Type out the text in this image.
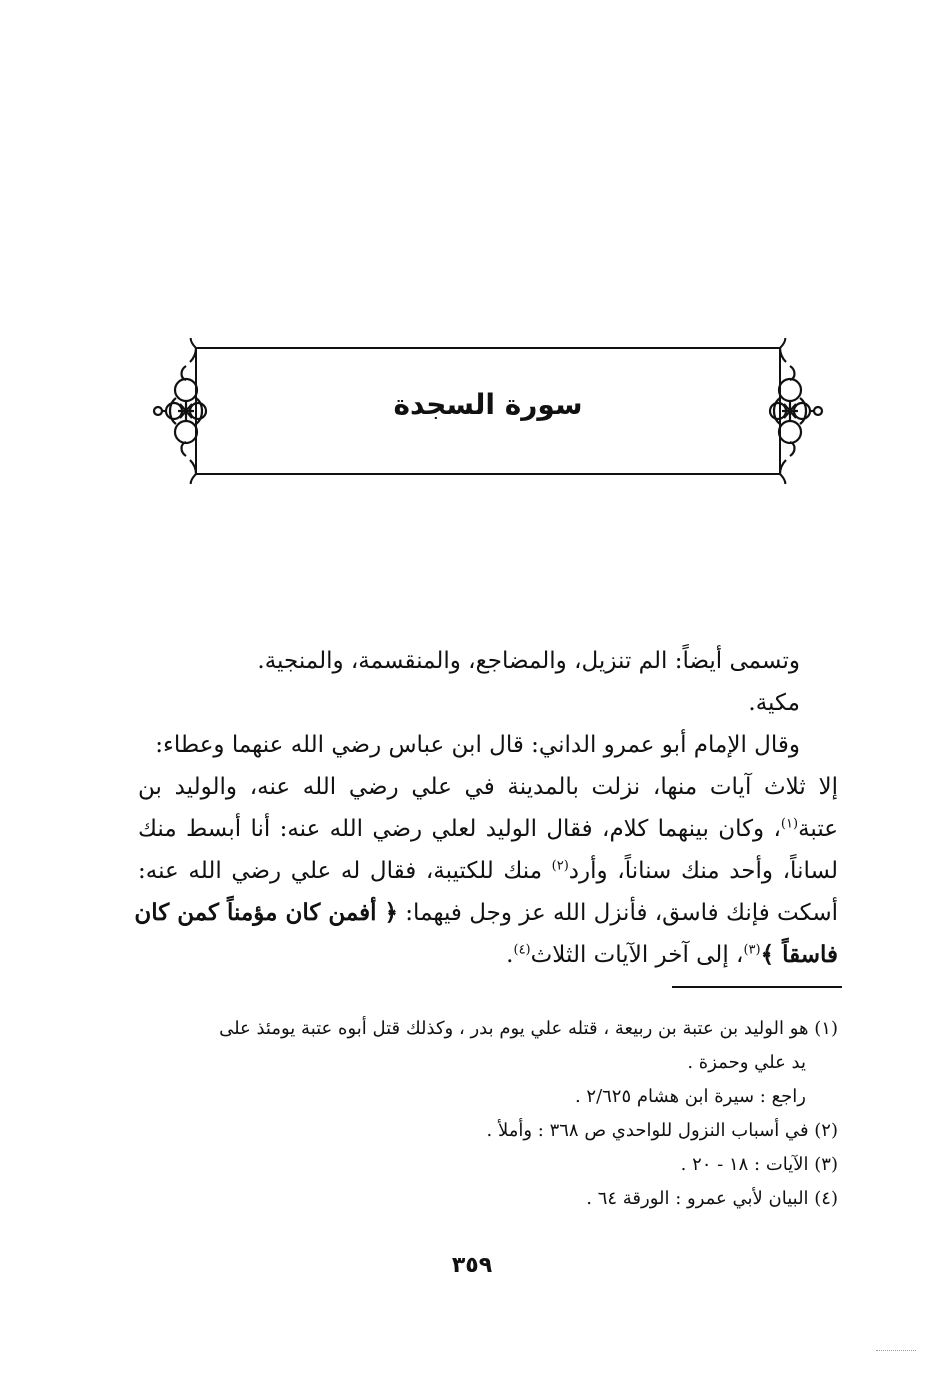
سورة السجدة
وتسمى أيضاً: الم تنزيل، والمضاجع، والمنقسمة، والمنجية.
مكية.
وقال الإمام أبو عمرو الداني: قال ابن عباس رضي الله عنهما وعطاء:
إلا ثلاث آيات منها، نزلت بالمدينة في علي رضي الله عنه، والوليد بن
عتبة$^{(١)}$، وكان بينهما كلام، فقال الوليد لعلي رضي الله عنه: أنا أبسط منك
لساناً، وأحد منك سناناً، وأرد$^{(٢)}$ منك للكتيبة، فقال له علي رضي الله عنه:
أسكت فإنك فاسق، فأنزل الله عز وجل فيهما: ﴿ أفمن كان مؤمناً كمن كان
فاسقاً ﴾$^{(٣)}$، إلى آخر الآيات الثلاث$^{(٤)}$.
(١) هو الوليد بن عتبة بن ربيعة ، قتله علي يوم بدر ، وكذلك قتل أبوه عتبة يومئذ على
يد علي وحمزة .
راجع : سيرة ابن هشام ٢/٦٢٥ .
(٢) في أسباب النزول للواحدي ص ٣٦٨ : وأملأ .
(٣) الآيات : ١٨ - ٢٠ .
(٤) البيان لأبي عمرو : الورقة ٦٤ .
٣٥٩
